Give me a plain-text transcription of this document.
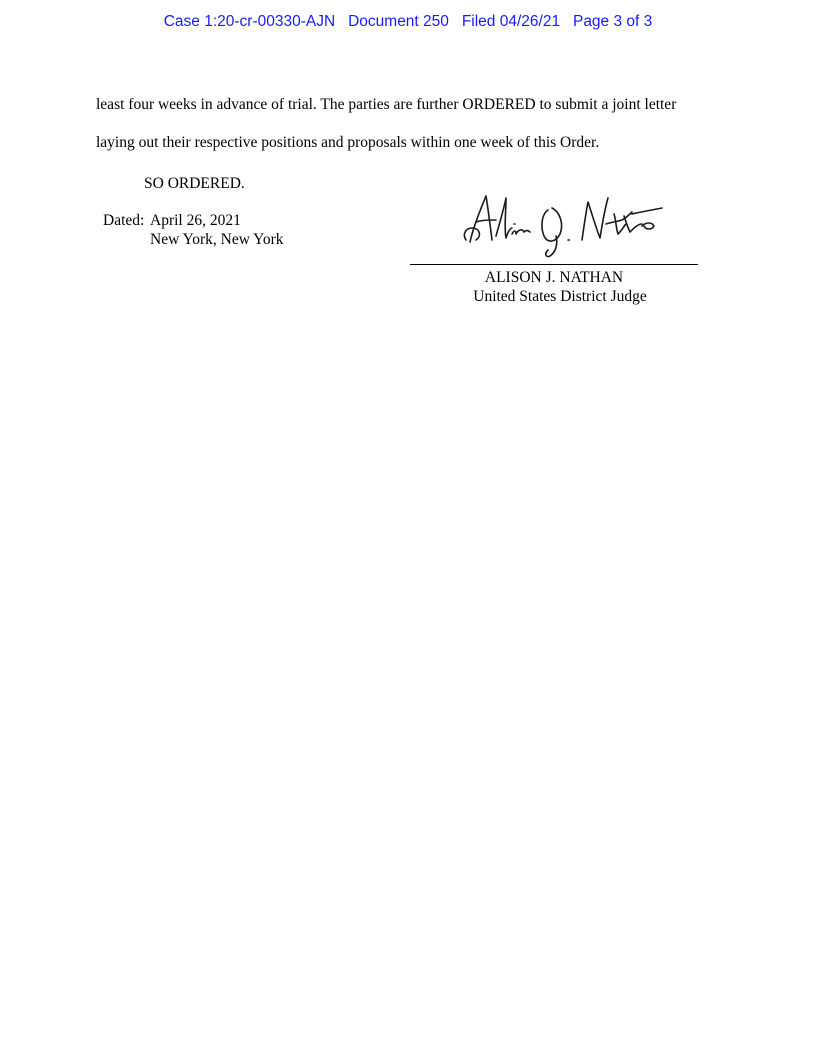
Case 1:20-cr-00330-AJN   Document 250   Filed 04/26/21   Page 3 of 3
least four weeks in advance of trial. The parties are further ORDERED to submit a joint letter
laying out their respective positions and proposals within one week of this Order.
SO ORDERED.
Dated: April 26, 2021
New York, New York
ALISON J. NATHAN
United States District Judge
